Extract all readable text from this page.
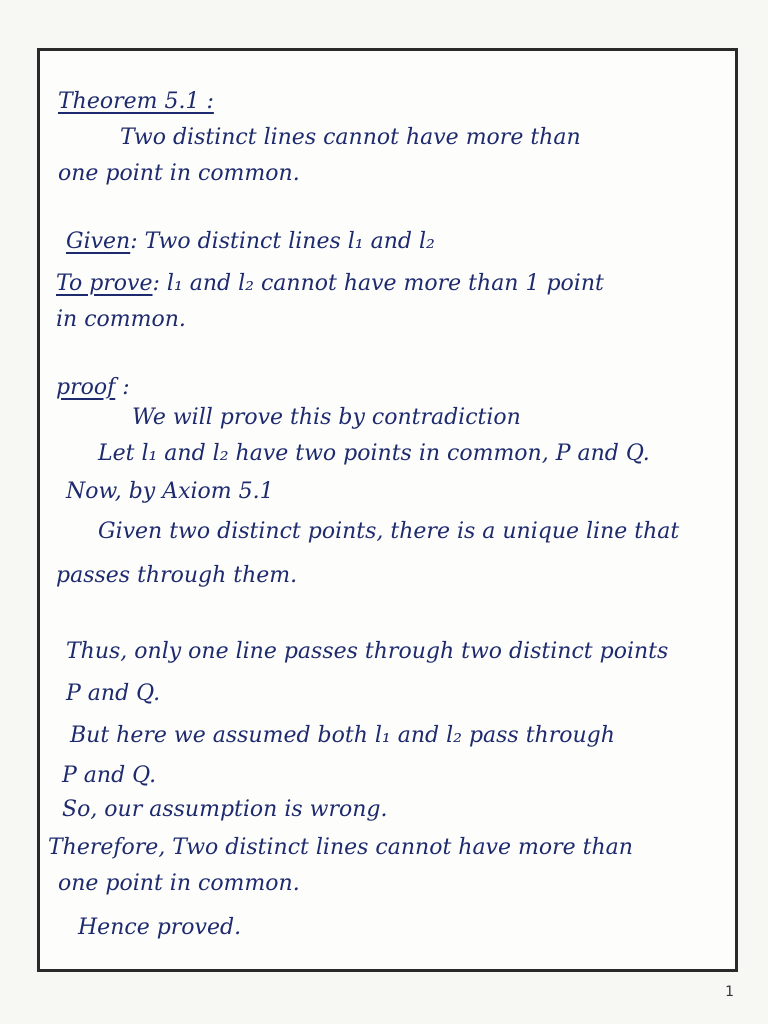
Theorem 5.1 :
Two distinct lines cannot have more than
one point in common.
Given: Two distinct lines l₁ and l₂
To prove: l₁ and l₂ cannot have more than 1 point
in common.
proof :
We will prove this by contradiction
Let l₁ and l₂ have two points in common, P and Q.
Now, by Axiom 5.1
Given two distinct points, there is a unique line that
passes through them.
Thus, only one line passes through two distinct points
P and Q.
But here we assumed both l₁ and l₂ pass through
P and Q.
So, our assumption is wrong.
Therefore, Two distinct lines cannot have more than
one point in common.
Hence proved.
1
